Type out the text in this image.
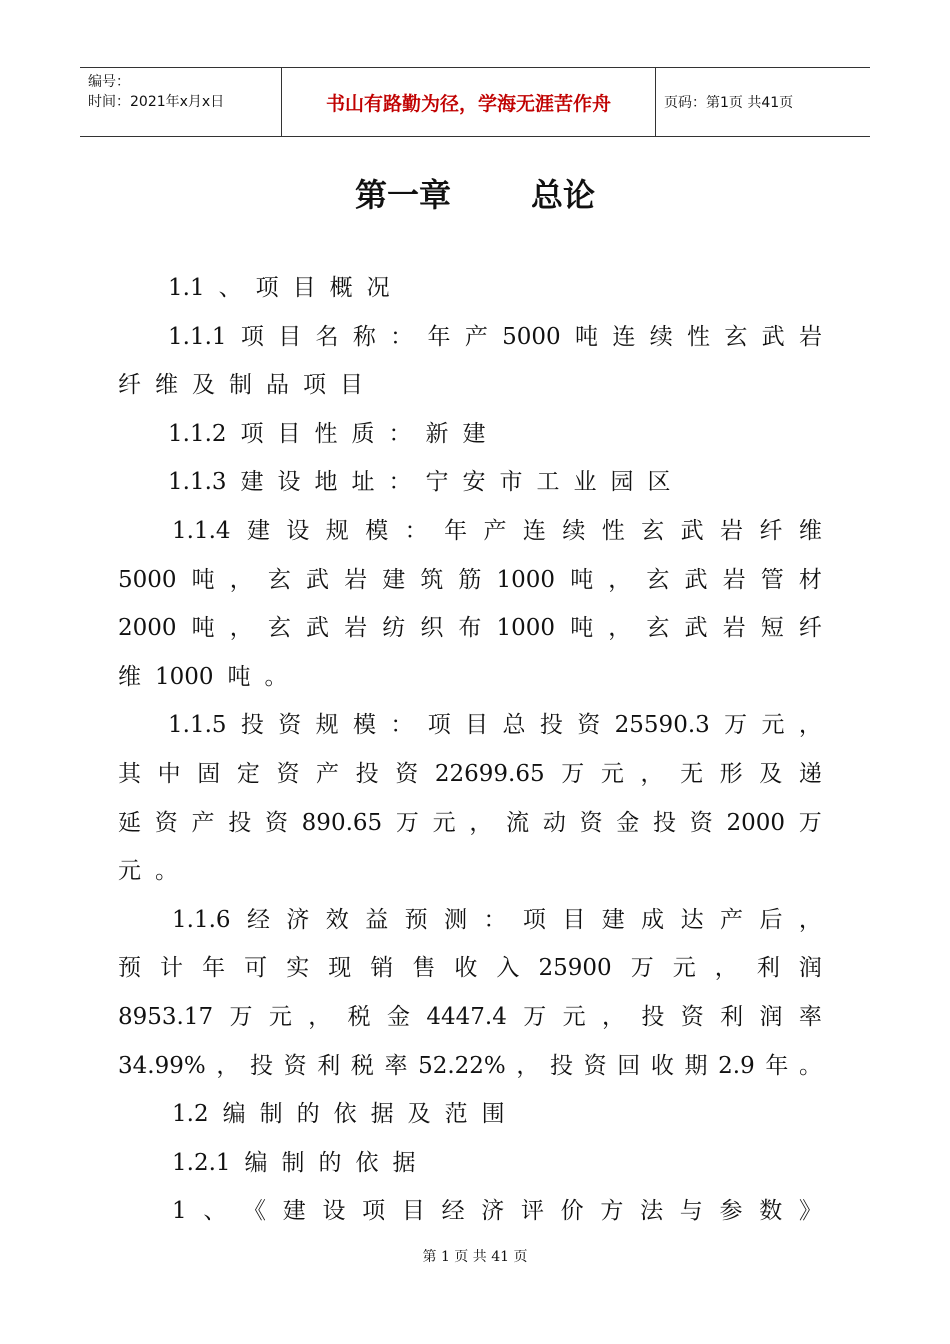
编号：
时间：2021年x月x日	书山有路勤为径，学海无涯苦作舟	页码：第1页 共41页
第一章	总论
1.1 、 项 目 概 况
1.1.1 项 目 名 称 ： 年 产 5000 吨 连 续 性 玄 武 岩
纤 维 及 制 品 项 目
1.1.2 项 目 性 质 ： 新 建
1.1.3 建 设 地 址 ： 宁 安 市 工 业 园 区
1.1.4 建 设 规 模 ： 年 产 连 续 性 玄 武 岩 纤 维
5000 吨 ， 玄 武 岩 建 筑 筋 1000 吨 ， 玄 武 岩 管 材
2000 吨 ， 玄 武 岩 纺 织 布 1000 吨 ， 玄 武 岩 短 纤
维 1000 吨 。
1.1.5 投 资 规 模 ： 项 目 总 投 资 25590.3 万 元 ，
其 中 固 定 资 产 投 资 22699.65 万 元 ， 无 形 及 递
延 资 产 投 资 890.65 万 元 ， 流 动 资 金 投 资 2000 万
元 。
1.1.6 经 济 效 益 预 测 ： 项 目 建 成 达 产 后 ，
预 计 年 可 实 现 销 售 收 入 25900 万 元 ， 利 润
8953.17 万 元 ， 税 金 4447.4 万 元 ， 投 资 利 润 率
34.99% ， 投 资 利 税 率 52.22% ， 投 资 回 收 期 2.9 年 。
1.2 编 制 的 依 据 及 范 围
1.2.1 编 制 的 依 据
1 、 《 建 设 项 目 经 济 评 价 方 法 与 参 数 》
第 1 页 共 41 页
